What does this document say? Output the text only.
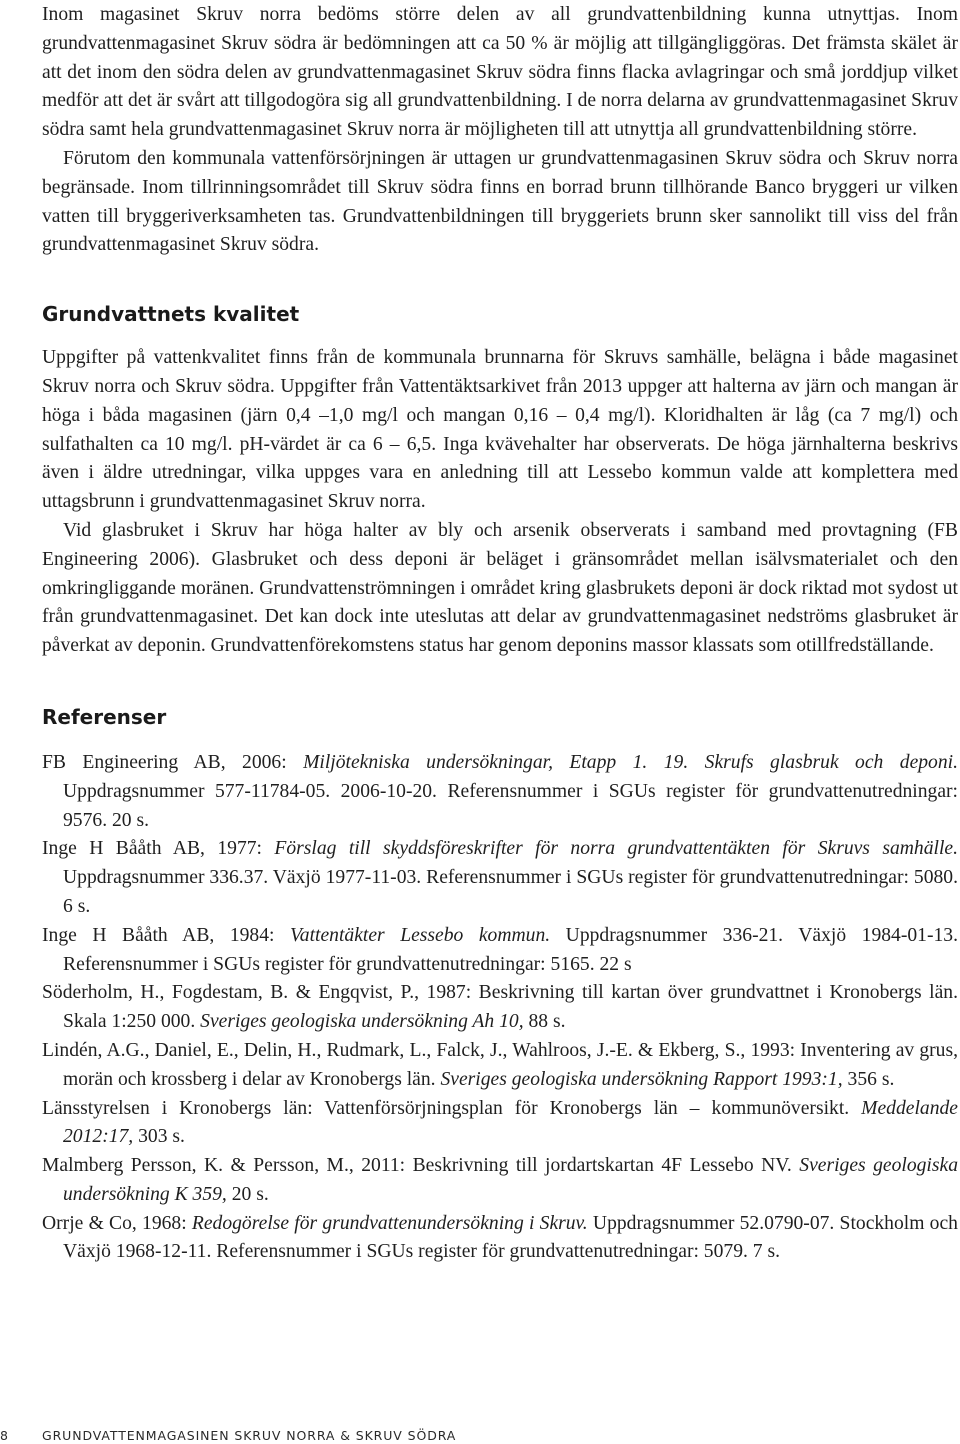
Inom magasinet Skruv norra bedöms större delen av all grundvattenbildning kunna utnyttjas. Inom grundvattenmagasinet Skruv södra är bedömningen att ca 50 % är möjlig att tillgängliggöras. Det främsta skälet är att det inom den södra delen av grundvattenmagasinet Skruv södra finns flacka avlagringar och små jorddjup vilket medför att det är svårt att tillgodogöra sig all grundvattenbildning. I de norra delarna av grundvattenmagasinet Skruv södra samt hela grundvattenmagasinet Skruv norra är möjligheten till att utnyttja all grundvattenbildning större.

Förutom den kommunala vattenförsörjningen är uttagen ur grundvattenmagasinen Skruv södra och Skruv norra begränsade. Inom tillrinningsområdet till Skruv södra finns en borrad brunn tillhörande Banco bryggeri ur vilken vatten till bryggeriverksamheten tas. Grundvattenbildningen till bryggeriets brunn sker sannolikt till viss del från grundvattenmagasinet Skruv södra.

Grundvattnets kvalitet

Uppgifter på vattenkvalitet finns från de kommunala brunnarna för Skruvs samhälle, belägna i både magasinet Skruv norra och Skruv södra. Uppgifter från Vattentäktsarkivet från 2013 uppger att halterna av järn och mangan är höga i båda magasinen (järn 0,4 –1,0 mg/l och mangan 0,16 – 0,4 mg/l). Kloridhalten är låg (ca 7 mg/l) och sulfathalten ca 10 mg/l. pH-värdet är ca 6 – 6,5. Inga kvävehalter har observerats. De höga järnhalterna beskrivs även i äldre utredningar, vilka uppges vara en anledning till att Lessebo kommun valde att komplettera med uttagsbrunn i grundvattenmagasinet Skruv norra.

Vid glasbruket i Skruv har höga halter av bly och arsenik observerats i samband med provtagning (FB Engineering 2006). Glasbruket och dess deponi är beläget i gränsområdet mellan isälvsmaterialet och den omkringliggande moränen. Grundvattenströmningen i området kring glasbrukets deponi är dock riktad mot sydost ut från grundvattenmagasinet. Det kan dock inte uteslutas att delar av grundvattenmagasinet nedströms glasbruket är påverkat av deponin. Grundvattenförekomstens status har genom deponins massor klassats som otillfredställande.

Referenser

FB Engineering AB, 2006: Miljötekniska undersökningar, Etapp 1. 19. Skrufs glasbruk och deponi. Uppdragsnummer 577-11784-05. 2006-10-20. Referensnummer i SGUs register för grundvattenutredningar: 9576. 20 s.

Inge H Bååth AB, 1977: Förslag till skyddsföreskrifter för norra grundvattentäkten för Skruvs samhälle. Uppdragsnummer 336.37. Växjö 1977-11-03. Referensnummer i SGUs register för grundvattenutredningar: 5080. 6 s.

Inge H Bååth AB, 1984: Vattentäkter Lessebo kommun. Uppdragsnummer 336-21. Växjö 1984-01-13. Referensnummer i SGUs register för grundvattenutredningar: 5165. 22 s

Söderholm, H., Fogdestam, B. & Engqvist, P., 1987: Beskrivning till kartan över grundvattnet i Kronobergs län. Skala 1:250 000. Sveriges geologiska undersökning Ah 10, 88 s.

Lindén, A.G., Daniel, E., Delin, H., Rudmark, L., Falck, J., Wahlroos, J.-E. & Ekberg, S., 1993: Inventering av grus, morän och krossberg i delar av Kronobergs län. Sveriges geologiska undersökning Rapport 1993:1, 356 s.

Länsstyrelsen i Kronobergs län: Vattenförsörjningsplan för Kronobergs län – kommunöversikt. Meddelande 2012:17, 303 s.

Malmberg Persson, K. & Persson, M., 2011: Beskrivning till jordartskartan 4F Lessebo NV. Sveriges geologiska undersökning K 359, 20 s.

Orrje & Co, 1968: Redogörelse för grundvattenundersökning i Skruv. Uppdragsnummer 52.0790-07. Stockholm och Växjö 1968-12-11. Referensnummer i SGUs register för grundvattenutredningar: 5079. 7 s.

8	GRUNDVATTENMAGASINEN SKRUV NORRA & SKRUV SÖDRA
